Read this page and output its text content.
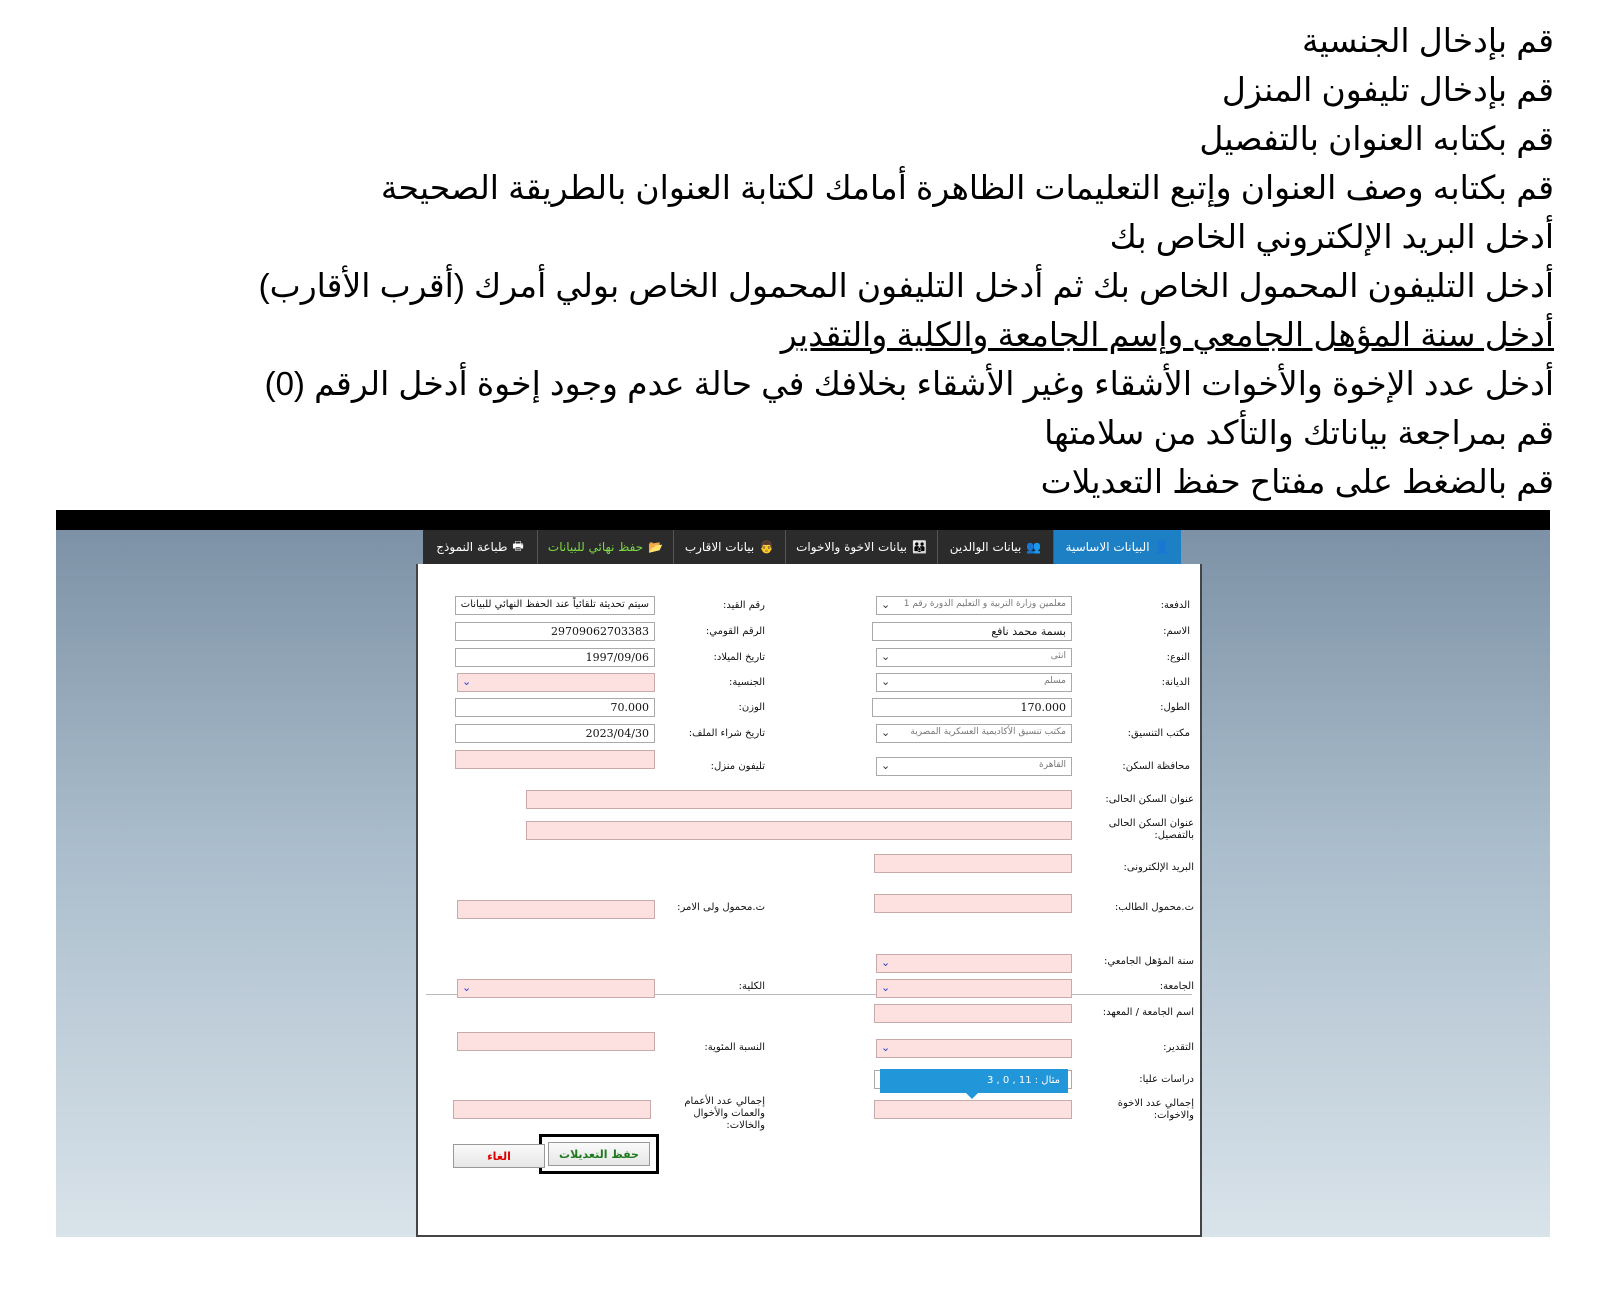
قم بإدخال الجنسية
قم بإدخال تليفون المنزل
قم بكتابه العنوان بالتفصيل
قم بكتابه وصف العنوان وإتبع التعليمات الظاهرة أمامك لكتابة العنوان بالطريقة الصحيحة
أدخل البريد الإلكتروني الخاص بك
أدخل التليفون المحمول الخاص بك ثم أدخل التليفون المحمول الخاص بولي أمرك (أقرب الأقارب)
أدخل سنة المؤهل الجامعي وإسم الجامعة والكلية والتقدير
أدخل عدد الإخوة والأخوات الأشقاء وغير الأشقاء بخلافك في حالة عدم وجود إخوة أدخل الرقم (0)
قم بمراجعة بياناتك والتأكد من سلامتها
قم بالضغط على مفتاح حفظ التعديلات
👤
البيانات الاساسية
👥
بيانات الوالدين
👪
بيانات الاخوة والاخوات
👨
بيانات الاقارب
📂
حفظ نهائي للبيانات
🖶
طباعة النموذج
الدفعة:
معلمين وزارة التربية و التعليم الدورة رقم 1
⌄
رقم القيد:
سيتم تحديثة تلقائياً عند الحفظ النهائي للبيانات
الاسم:
بسمة محمد نافع
الرقم القومي:
29709062703383
النوع:
انثى
⌄
تاريخ الميلاد:
1997/09/06
الديانة:
مسلم
⌄
الجنسية:
⌄
الطول:
170.000
الوزن:
70.000
مكتب التنسيق:
مكتب تنسيق الأكاديمية العسكرية المصرية
⌄
تاريخ شراء الملف:
2023/04/30
محافظة السكن:
القاهرة
⌄
تليفون منزل:
عنوان السكن الحالى:
عنوان السكن الحالى بالتفصيل:
البريد الإلكترونى:
ت.محمول الطالب:
ت.محمول ولى الامر:
سنة المؤهل الجامعي:
⌄
الجامعة:
⌄
الكلية:
⌄
اسم الجامعة / المعهد:
التقدير:
⌄
النسبة المئوية:
دراسات عليا:
مثال : 11 , 0 , 3
إجمالي عدد الاخوة والاخوات:
إجمالي عدد الأعمام والعمات والأخوال والخالات:
حفظ التعديلات
الغاء
